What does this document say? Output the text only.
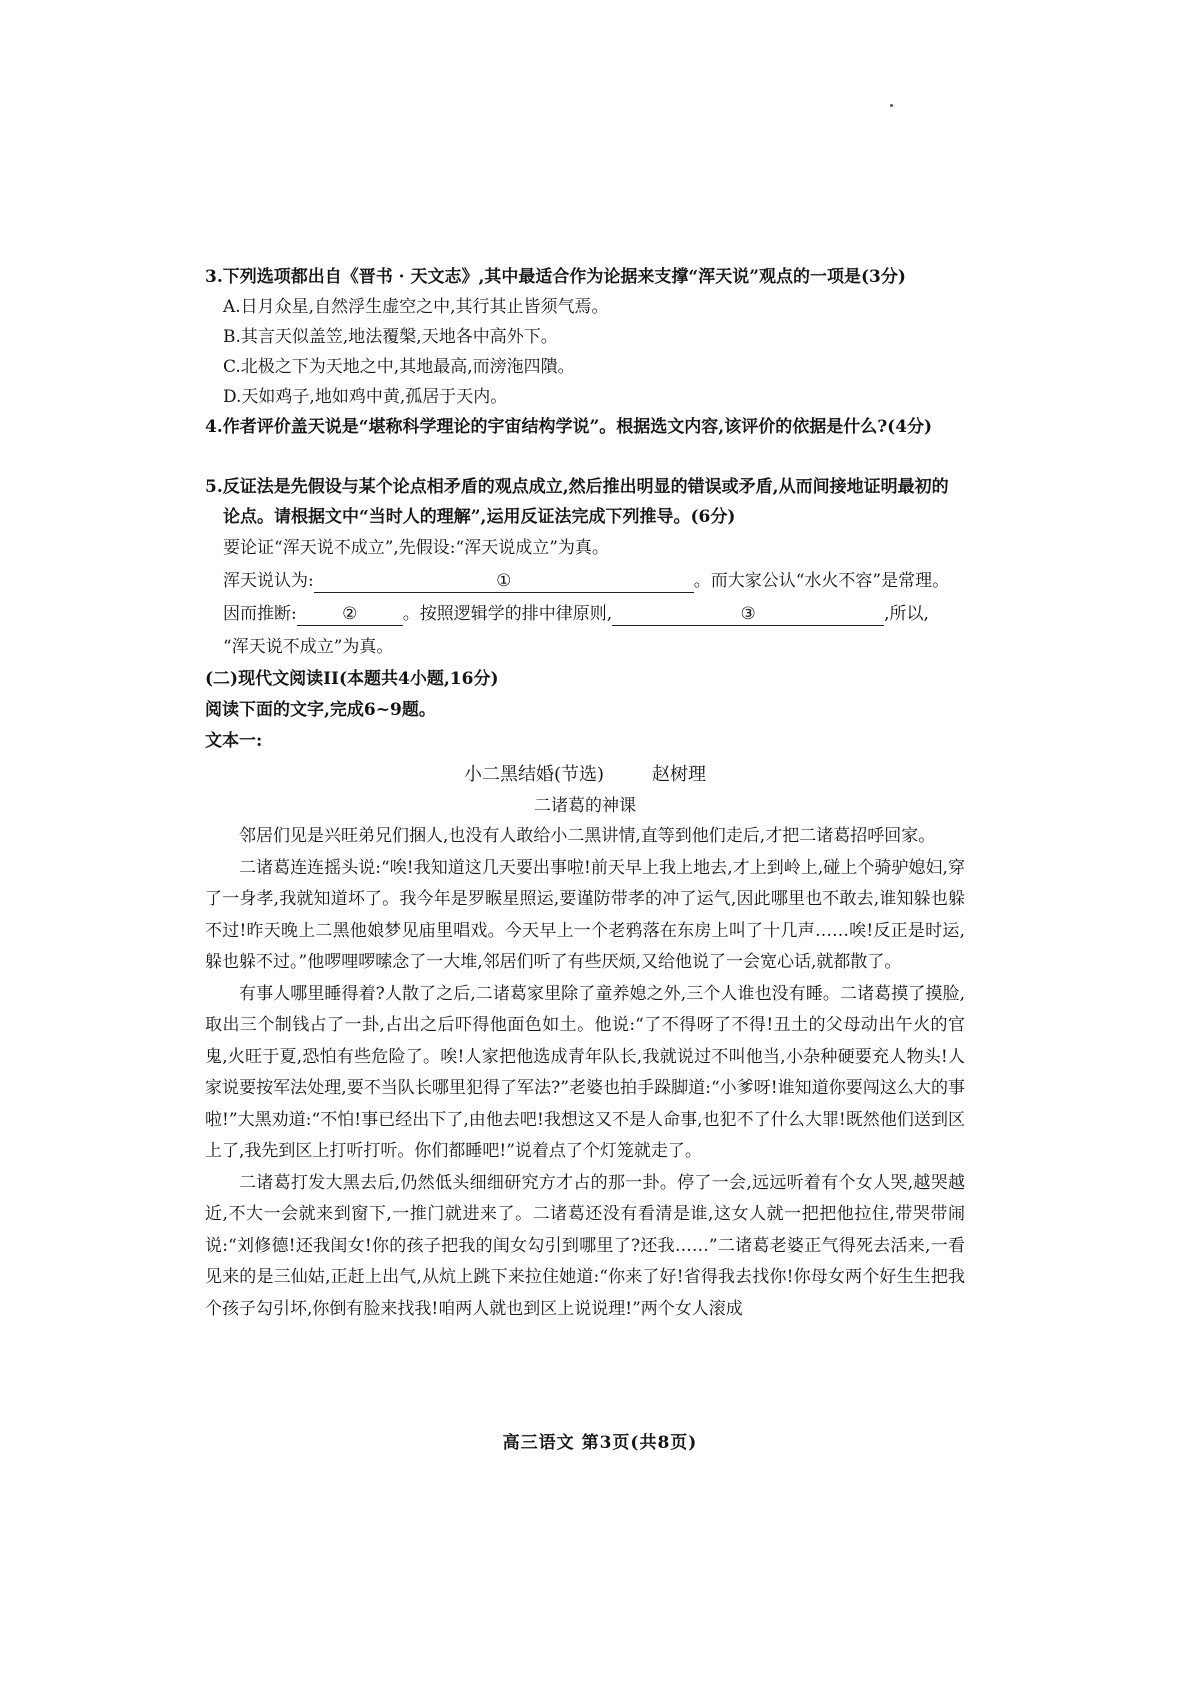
3.下列选项都出自《晋书 · 天文志》,其中最适合作为论据来支撑“浑天说”观点的一项是(3分)
A.日月众星,自然浮生虚空之中,其行其止皆须气焉。
B.其言天似盖笠,地法覆槃,天地各中高外下。
C.北极之下为天地之中,其地最高,而滂沲四隤。
D.天如鸡子,地如鸡中黄,孤居于天内。
4.作者评价盖天说是“堪称科学理论的宇宙结构学说”。根据选文内容,该评价的依据是什么?(4分)
5.反证法是先假设与某个论点相矛盾的观点成立,然后推出明显的错误或矛盾,从而间接地证明最初的
论点。请根据文中“当时人的理解”,运用反证法完成下列推导。(6分)
要论证“浑天说不成立”,先假设:“浑天说成立”为真。
浑天说认为:	①	。而大家公认“水火不容”是常理。
因而推断:	②	。按照逻辑学的排中律原则,	③	,所以,
“浑天说不成立”为真。
(二)现代文阅读II(本题共4小题,16分)
阅读下面的文字,完成6~9题。
文本一:
小二黑结婚(节选)	赵树理
二诸葛的神课

邻居们见是兴旺弟兄们捆人,也没有人敢给小二黑讲情,直等到他们走后,才把二诸葛招呼回家。

二诸葛连连摇头说:“唉!我知道这几天要出事啦!前天早上我上地去,才上到岭上,碰上个骑驴媳妇,穿了一身孝,我就知道坏了。我今年是罗睺星照运,要谨防带孝的冲了运气,因此哪里也不敢去,谁知躲也躲不过!昨天晚上二黑他娘梦见庙里唱戏。今天早上一个老鸦落在东房上叫了十几声……唉!反正是时运,躲也躲不过。”他啰哩啰嗦念了一大堆,邻居们听了有些厌烦,又给他说了一会宽心话,就都散了。

有事人哪里睡得着?人散了之后,二诸葛家里除了童养媳之外,三个人谁也没有睡。二诸葛摸了摸脸,取出三个制钱占了一卦,占出之后吓得他面色如土。他说:“了不得呀了不得!丑土的父母动出午火的官鬼,火旺于夏,恐怕有些危险了。唉!人家把他选成青年队长,我就说过不叫他当,小杂种硬要充人物头!人家说要按军法处理,要不当队长哪里犯得了军法?”老婆也拍手跺脚道:“小爹呀!谁知道你要闯这么大的事啦!”大黑劝道:“不怕!事已经出下了,由他去吧!我想这又不是人命事,也犯不了什么大罪!既然他们送到区上了,我先到区上打听打听。你们都睡吧!”说着点了个灯笼就走了。

二诸葛打发大黑去后,仍然低头细细研究方才占的那一卦。停了一会,远远听着有个女人哭,越哭越近,不大一会就来到窗下,一推门就进来了。二诸葛还没有看清是谁,这女人就一把把他拉住,带哭带闹说:“刘修德!还我闺女!你的孩子把我的闺女勾引到哪里了?还我……”二诸葛老婆正气得死去活来,一看见来的是三仙姑,正赶上出气,从炕上跳下来拉住她道:“你来了好!省得我去找你!你母女两个好生生把我个孩子勾引坏,你倒有脸来找我!咱两人就也到区上说说理!”两个女人滚成

高三语文 第3页(共8页)
